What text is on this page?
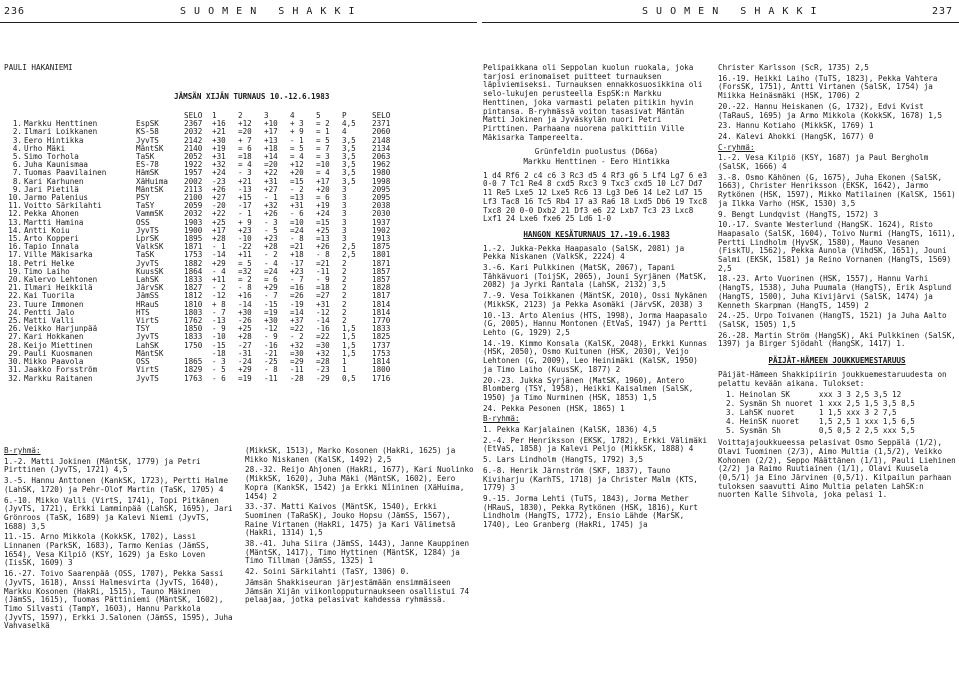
236	S U O M E N   S H A K K I	S U O M E N   S H A K K I	237
PAULI HAKANIEMI
JÄMSÄN XIJÄN TURNAUS 10.-12.6.1983
			SELO	1	2	3	4	5	P	SELO
1.	Markku Henttinen	EspSK	2367	+16	+12	+10	+ 3	= 2	4,5	2371
2.	Ilmari Loikkanen	KS-58	2032	+21	=20	+17	+ 9	= 1	4	2060
3.	Eero Hintikka	JyvTS	2142	+30	+ 7	+13	- 1	= 5	3,5	2148
4.	Urho Mäki	MäntSK	2140	+19	= 6	+18	= 5	= 7	3,5	2134
5.	Simo Torhola	TaSK	2052	+31	=18	+14	= 4	= 3	3,5	2063
6.	Juha Kaunismaa	ES-78	1922	+32	= 4	=20	+12	=10	3,5	1962
7.	Tuomas Paavilainen	HämSK	1957	+24	- 3	+22	+20	= 4	3,5	1980
8.	Kari Karhunen	XäHuima	2002	-23	+21	+31	=15	+17	3,5	1998
9.	Jari Pietilä	MäntSK	2113	+26	-13	+27	- 2	+20	3	2095
10.	Jarmo Palenius	PSY	2100	+27	+15	- 1	=13	= 6	3	2095
11.	Voitto Särkilahti	TaSY	2059	-20	-17	+32	+31	+19	3	2038
12.	Pekka Ahonen	VammSK	2032	+22	- 1	+26	- 6	+24	3	2030
13.	Martti Hamina	OSS	1903	+25	+ 9	- 3	=10	=15	3	1937
14.	Antti Koiu	JyvTS	1900	+17	+23	- 5	=24	+25	3	1902
15.	Arto Kopperi	LprSK	1895	+28	-10	+23	- 8	=13	3	1913
16.	Tapio Innala	ValkSK	1871	- 1	-22	+28	=21	+26	2,5	1875
17.	Ville Mäkisarka	TaSK	1753	-14	+11	- 2	+18	- 8	2,5	1801
18.	Petri Helke	JyvTS	1882	+29	= 5	- 4	-17	=21	2	1871
19.	Timo Laiho	KuusSK	1864	- 4	=32	=24	+23	-11	2	1857
20.	Kalervo Lehtonen	LahSK	1833	+11	= 2	= 6	- 7	- 9	2	1857
21.	Ilmari Heikkilä	JärvSK	1827	- 2	- 8	+29	=16	=18	2	1828
22.	Kai Tuorila	JämSS	1812	-12	+16	- 7	=26	=27	2	1817
23.	Tuure Immonen	HRauS	1810	+ 8	-14	-15	-19	+31	2	1814
24.	Pentti Jalo	HTS	1803	- 7	+30	=19	=14	-12	2	1814
25.	Matti Valli	VirtS	1762	-13	-26	+30	+37	-14	2	1770
26.	Veikko Harjunpää	TSY	1850	- 9	+25	-12	=22	-16	1,5	1833
27.	Kari Hokkanen	JyvTS	1833	-10	+28	- 9	- 2	=22	1,5	1825
28.	Keijo Miettinen	LahSK	1750	-15	-27	-16	+32	=30	1,5	1737
29.	Pauli Kuosmanen	MäntSK		-18	-31	-21	=30	+32	1,5	1753
30.	Mikko Paavola	OSS	1865	- 3	-24	-25	=29	=28	1	1814
31.	Jaakko Forsström	VirtS	1829	- 5	+29	- 8	-11	-23	1	1800
32.	Markku Raitanen	JyvTS	1763	- 6	=19	-11	-28	-29	0,5	1716
B-ryhmä:
1.-2. Matti Jokinen (MäntSK, 1779) ja Petri Pirttinen (JyvTS, 1721) 4,5
3.-5. Hannu Anttonen (KankSK, 1723), Pertti Halme (LahSK, 1720) ja Pehr-Olof Martin (TaSK, 1705) 4
6.-10. Mikko Valli (VirtS, 1741), Topi Pitkänen (JyvTS, 1721), Erkki Lamminpää (LahSK, 1695), Jari Grönroos (TaSK, 1689) ja Kalevi Niemi (JyvTS, 1688) 3,5
11.-15. Arno Mikkola (KokkSK, 1702), Lassi Linnanen (ParkSK, 1683), Tarmo Kenias (JämSS, 1654), Vesa Kilpiö (KSY, 1629) ja Esko Loven (IisSK, 1609) 3
16.-27. Toivo Saarenpää (OSS, 1707), Pekka Sassi (JyvTS, 1618), Anssi Halmesvirta (JyvTS, 1640), Markku Kosonen (HakRi, 1515), Tauno Mäkinen (JämSS, 1615), Tuomas Pättiniemi (MäntSK, 1602), Timo Silvasti (TampY, 1603), Hannu Parkkola (JyvTS, 1597), Erkki J.Salonen (JämSS, 1595), Juha Vahvaselkä
(MikkSK, 1513), Marko Kosonen (HakRi, 1625) ja Mikko Niskanen (KalSK, 1492) 2,5
28.-32. Reijo Ahjonen (HakRi, 1677), Kari Nuolinko (MikkSK, 1620), Juha Mäki (MäntSK, 1602), Eero Kopra (KankSK, 1542) ja Erkki Nîininen (XäHuima, 1454) 2
33.-37. Matti Kaivos (MäntSK, 1540), Erkki Suominen (TaRaSK), Jouko Hopsu (JämSS, 1567), Raine Virtanen (HakRi, 1475) ja Kari Välimetsä (HakRi, 1314) 1,5
38.-41. Juha Siira (JämSS, 1443), Janne Kauppinen (MäntSK, 1417), Timo Hyttinen (MäntSK, 1284) ja Timo Tillman (JämSS, 1325) 1
42. Soini Särkilahti (TaSY, 1306) 0.
Jämsän Shakkiseuran järjestämään ensimmäiseen Jämsän Xijän viikonlopputurnaukseen osallistui 74 pelaajaa, jotka pelasivat kahdessa ryhmässä.
Pelipaikkana oli Seppolan kuolun ruokala, joka tarjosi erinomaiset puitteet turnauksen läpiviemiseksi. Turnauksen ennakkosuosikkina oli selo-lukujen perusteella EspSK:n Markku Henttinen, joka varmasti pelaten pitikin hyvin pintansa. B-ryhmässä voiton tasasivat Mäntän Matti Jokinen ja Jyväskylän nuori Petri Pirttinen. Parhaana nuorena palkittiin Ville Mäkisarka Tampereelta.
Grünfeldin puolustus (D66a)
Markku Henttinen - Eero Hintikka
1 d4 Rf6 2 c4 c6 3 Rc3 d5 4 Rf3 g6 5 Lf4 Lg7 6 e3 0-0 7 Tc1 Re4 8 cxd5 Rxc3 9 Txc3 cxd5 10 Lc7 Dd7 11 Re5 Lxe5 12 Lxe5 Rc6 13 Lg3 De6 14 Le2 Ld7 15 Lf3 Tac8 16 Tc5 Rb4 17 a3 Ra6 18 Lxd5 Db6 19 Txc8 Txc8 20 0-0 Dxb2 21 Df3 e6 22 Lxb7 Tc3 23 Lxc8 Lxf1 24 Lxe6 fxe6 25 Ld6 1-0
HANGON KESÄTURNAUS 17.-19.6.1983
1.-2. Jukka-Pekka Haapasalo (SalSK, 2081) ja Pekka Niskanen (ValkSK, 2224) 4
3.-6. Kari Pulkkinen (MatSK, 2067), Tapani Tähkävuori (ToijSK, 2065), Jouni Syrjänen (MatSK, 2082) ja Jyrki Rantala (LahSK, 2132) 3,5
7.-9. Vesa Toikkanen (MäntSK, 2010), Ossi Nykänen (MikkSK, 2123) ja Pekka Asomäki (JärvSK, 2038) 3
10.-13. Arto Alenius (HTS, 1998), Jorma Haapasalo (G, 2005), Hannu Montonen (EtVaS, 1947) ja Pertti Lehto (G, 1929) 2,5
14.-19. Kimmo Konsala (KalSK, 2048), Erkki Kunnas (HSK, 2050), Osmo Kuitunen (HSK, 2030), Veijo Lehtonen (G, 2009), Leo Heinimäki (KalSK, 1950) ja Timo Laiho (KuusSK, 1877) 2
20.-23. Jukka Syrjänen (MatSK, 1960), Antero Blomberg (TSY, 1958), Heikki Kaisalmen (SalSK, 1950) ja Timo Nurminen (HSK, 1853) 1,5
24. Pekka Pesonen (HSK, 1865) 1
B-ryhmä:
1. Pekka Karjalainen (KalSK, 1836) 4,5
2.-4. Per Henriksson (EKSK, 1782), Erkki Välimäki (EtVaS, 1858) ja Kalevi Peljo (MikkSK, 1888) 4
5. Lars Lindholm (HangTS, 1792) 3,5
6.-8. Henrik Järnström (SKF, 1837), Tauno Kiviharju (KarhTS, 1718) ja Christer Malm (KTS, 1779) 3
9.-15. Jorma Lehti (TuTS, 1843), Jorma Mether (HRauS, 1830), Pekka Rytkönen (HSK, 1816), Kurt Lindholm (HangTS, 1772), Ensio Lähde (MarSK, 1740), Leo Granberg (HakRi, 1745) ja
Christer Karlsson (ScR, 1735) 2,5
16.-19. Heikki Laiho (TuTS, 1823), Pekka Vahtera (ForsSK, 1751), Antti Virtanen (SalSK, 1754) ja Miikka Heinäsmäki (HSK, 1706) 2
20.-22. Hannu Heiskanen (G, 1732), Edvi Kvist (TaRauS, 1695) ja Armo Mikkola (KokkSK, 1678) 1,5
23. Hannu Kotiaho (MikkSK, 1769) 1
24. Kalevi Ahokki (HangSK, 1677) 0
C-ryhmä:
1.-2. Vesa Kilpiö (KSY, 1687) ja Paul Bergholm (SalSK, 1666) 4
3.-8. Osmo Kähönen (G, 1675), Juha Ekonen (SalSK, 1663), Christer Henriksson (EKSK, 1642), Jarmo Rytkönen (HSK, 1597), Mikko Matilainen (KalSK, 1561) ja Ilkka Varho (HSK, 1530) 3,5
9. Bengt Lundqvist (HangTS, 1572) 3
10.-17. Svante Westerlund (HangSK. 1624), Risto Haapasalo (SalSK, 1604), Toivo Nurmi (HangTS, 1611), Pertti Lindholm (HyvSK, 1580), Mauno Vesanen (FiskTU, 1562), Pekka Aunola (VihdSK, 1651), Jouni Salmi (EKSK, 1581) ja Reino Vornanen (HangTS, 1569) 2,5
18.-23. Arto Vuorinen (HSK, 1557), Hannu Varhi (HangTS, 1538), Juha Puumala (HangTS), Erik Asplund (HangTS, 1500), Juha Kivijärvi (SalSK, 1474) ja Kenneth Skarpman (HangTS, 1459) 2
24.-25. Urpo Toivanen (HangTS, 1521) ja Juha Aalto (SalSK, 1505) 1,5
26.-28. Martin Ström (HangSK), Aki Pulkkinen (SalSK, 1397) ja Birger Sjödahl (HangSK, 1417) 1.
PÄIJÄT-HÄMEEN JOUKKUEMESTARUUS
Päijät-Hämeen Shakkipiirin joukkuemestaruudesta on pelattu kevään aikana. Tulokset:
1. Heinolan SK	xxx 3 3 2,5 3,5 12
2. Sysmän Sh nuoret	1 xxx 2,5 1,5 3,5 8,5
3. LahSK nuoret	1 1,5 xxx 3 2 7,5
4. HeinSK nuoret	1,5 2,5 1 xxx 1,5 6,5
5. Sysmän Sh	0,5 0,5 2 2,5 xxx 5,5
Voittajajoukkueessa pelasivat Osmo Seppälä (1/2), Olavi Tuominen (2/3), Aimo Multia (1,5/2), Veikko Kohonen (2/2), Seppo Määttänen (1/1), Pauli Liehinen (2/2) ja Raimo Ruutiainen (1/1), Olavi Kuusela (0,5/1) ja Eino Järvinen (0,5/1). Kilpailun parhaan tuloksen saavutti Aimo Multia pelaten LahSK:n nuorten Kalle Sihvola, joka pelasi 1.
